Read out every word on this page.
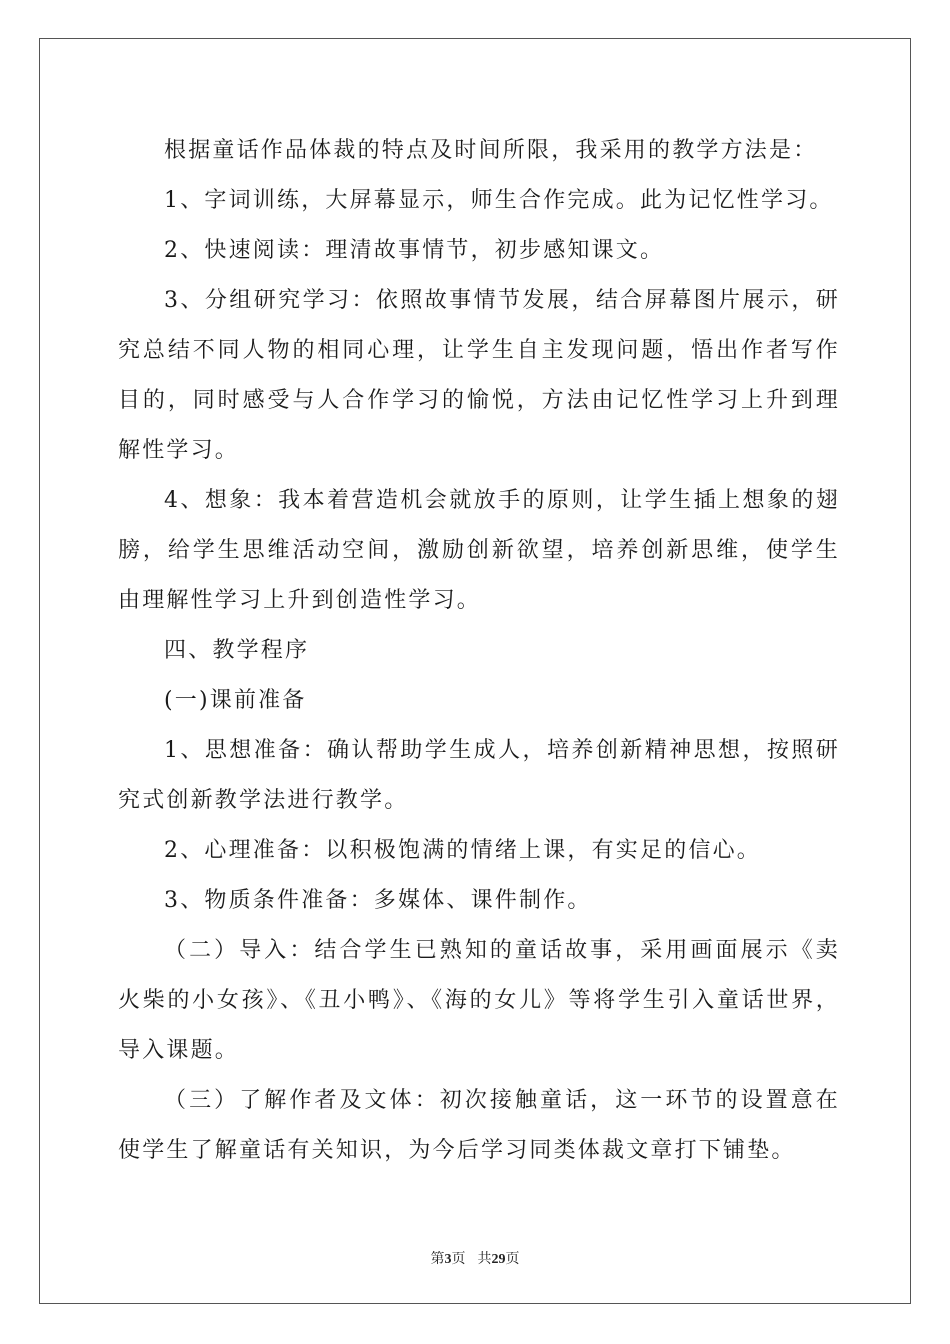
根据童话作品体裁的特点及时间所限，我采用的教学方法是：

1、字词训练，大屏幕显示，师生合作完成。此为记忆性学习。

2、快速阅读：理清故事情节，初步感知课文。

3、分组研究学习：依照故事情节发展，结合屏幕图片展示，研究总结不同人物的相同心理，让学生自主发现问题，悟出作者写作目的，同时感受与人合作学习的愉悦，方法由记忆性学习上升到理解性学习。

4、想象：我本着营造机会就放手的原则，让学生插上想象的翅膀，给学生思维活动空间，激励创新欲望，培养创新思维，使学生由理解性学习上升到创造性学习。

四、教学程序

(一)课前准备

1、思想准备：确认帮助学生成人，培养创新精神思想，按照研究式创新教学法进行教学。

2、心理准备：以积极饱满的情绪上课，有实足的信心。

3、物质条件准备：多媒体、课件制作。

（二）导入：结合学生已熟知的童话故事，采用画面展示《卖火柴的小女孩》、《丑小鸭》、《海的女儿》等将学生引入童话世界，导入课题。

（三）了解作者及文体：初次接触童话，这一环节的设置意在使学生了解童话有关知识，为今后学习同类体裁文章打下铺垫。

第3页 共29页
